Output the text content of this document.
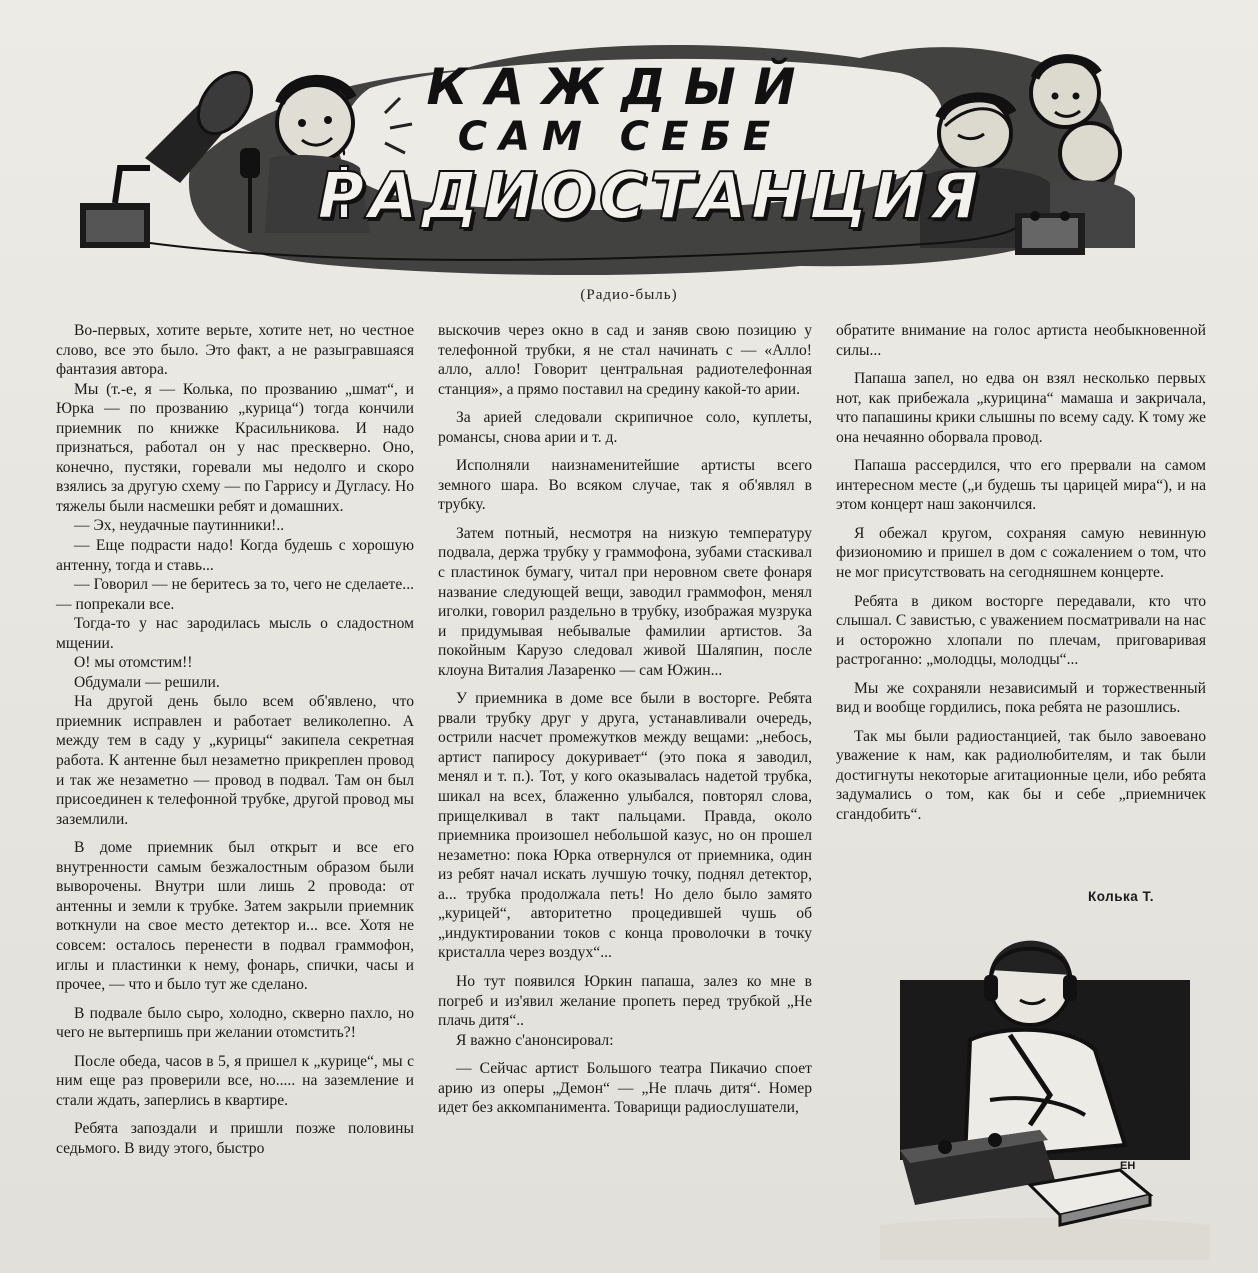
КАЖДЫЙ
САМ СЕБЕ
РАДИОСТАНЦИЯ
(Радио-быль)

Во-первых, хотите верьте, хотите нет, но честное слово, все это было. Это факт, а не разыгравшаяся фантазия автора.

Мы (т.-е, я — Колька, по прозванию „шмат“, и Юрка — по прозванию „курица“) тогда кончили приемник по книжке Красильникова. И надо признаться, работал он у нас прескверно. Оно, конечно, пустяки, горевали мы недолго и скоро взялись за другую схему — по Гаррису и Дугласу. Но тяжелы были насмешки ребят и домашних.

— Эх, неудачные паутинники!..

— Еще подрасти надо! Когда будешь с хорошую антенну, тогда и ставь...

— Говорил — не беритесь за то, чего не сделаете... — попрекали все.

Тогда-то у нас зародилась мысль о сладостном мщении.

О! мы отомстим!!

Обдумали — решили.

На другой день было всем об'явлено, что приемник исправлен и работает великолепно. А между тем в саду у „курицы“ закипела секретная работа. К антенне был незаметно прикреплен провод и так же незаметно — провод в подвал. Там он был присоединен к телефонной трубке, другой провод мы заземлили.

В доме приемник был открыт и все его внутренности самым безжалостным образом были выворочены. Внутри шли лишь 2 провода: от антенны и земли к трубке. Затем закрыли приемник воткнули на свое место детектор и... все. Хотя не совсем: осталось перенести в подвал граммофон, иглы и пластинки к нему, фонарь, спички, часы и прочее, — что и было тут же сделано.

В подвале было сыро, холодно, скверно пахло, но чего не вытерпишь при желании отомстить?!

После обеда, часов в 5, я пришел к „курице“, мы с ним еще раз проверили все, но..... на заземление и стали ждать, заперлись в квартире.

Ребята запоздали и пришли позже половины седьмого. В виду этого, быстро

выскочив через окно в сад и заняв свою позицию у телефонной трубки, я не стал начинать с — «Алло! алло, алло! Говорит центральная радиотелефонная станция», а прямо поставил на средину какой-то арии.

За арией следовали скрипичное соло, куплеты, романсы, снова арии и т. д.

Исполняли наизнаменитейшие артисты всего земного шара. Во всяком случае, так я об'являл в трубку.

Затем потный, несмотря на низкую температуру подвала, держа трубку у граммофона, зубами стаскивал с пластинок бумагу, читал при неровном свете фонаря название следующей вещи, заводил граммофон, менял иголки, говорил раздельно в трубку, изображая музрука и придумывая небывалые фамилии артистов. За покойным Карузо следовал живой Шаляпин, после клоуна Виталия Лазаренко — сам Южин...

У приемника в доме все были в восторге. Ребята рвали трубку друг у друга, устанавливали очередь, острили насчет промежутков между вещами: „небось, артист папиросу докуривает“ (это пока я заводил, менял и т. п.). Тот, у кого оказывалась надетой трубка, шикал на всех, блаженно улыбался, повторял слова, прищелкивал в такт пальцами. Правда, около приемника произошел небольшой казус, но он прошел незаметно: пока Юрка отвернулся от приемника, один из ребят начал искать лучшую точку, поднял детектор, а... трубка продолжала петь! Но дело было замято „курицей“, авторитетно процедившей чушь об „индуктировании токов с конца проволочки в точку кристалла через воздух“...

Но тут появился Юркин папаша, залез ко мне в погреб и из'явил желание пропеть перед трубкой „Не плачь дитя“..

Я важно с'анонсировал:

— Сейчас артист Большого театра Пикачио споет арию из оперы „Демон“ — „Не плачь дитя“. Номер идет без аккомпанимента. Товарищи радиослушатели,

обратите внимание на голос артиста необыкновенной силы...

Папаша запел, но едва он взял несколько первых нот, как прибежала „курицина“ мамаша и закричала, что папашины крики слышны по всему саду. К тому же она нечаянно оборвала провод.

Папаша рассердился, что его прервали на самом интересном месте („и будешь ты царицей мира“), и на этом концерт наш закончился.

Я обежал кругом, сохраняя самую невинную физиономию и пришел в дом с сожалением о том, что не мог присутствовать на сегодняшнем концерте.

Ребята в диком восторге передавали, кто что слышал. С завистью, с уважением посматривали на нас и осторожно хлопали по плечам, приговаривая растроганно: „молодцы, молодцы“...

Мы же сохраняли независимый и торжественный вид и вообще гордились, пока ребята не разошлись.

Так мы были радиостанцией, так было завоевано уважение к нам, как радиолюбителям, и так были достигнуты некоторые агитационные цели, ибо ребята задумались о том, как бы и себе „приемничек сгандобить“.

Колька Т.
ЕН
